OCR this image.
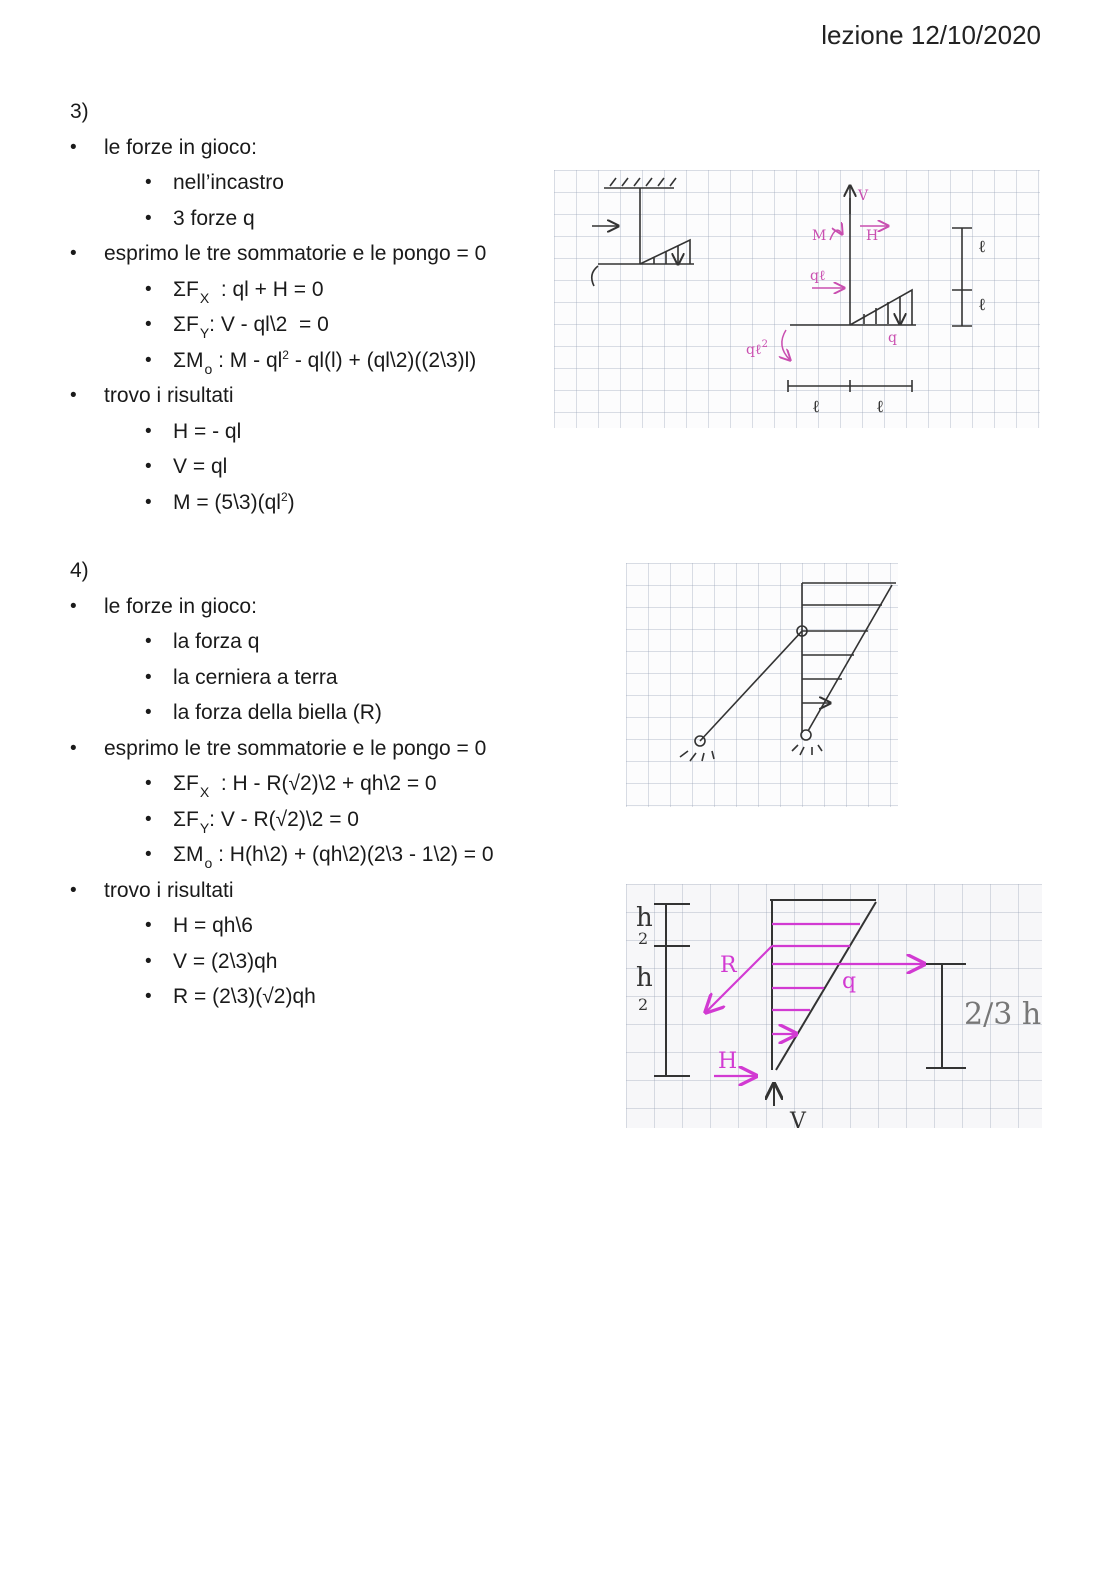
lezione 12/10/2020
3)
• le forze in gioco:
• nell’incastro
• 3 forze q
• esprimo le tre sommatorie e le pongo = 0
• $\Sigma F_X$  : ql + H = 0
• $\Sigma F_Y$: V - ql\2  = 0
• $\Sigma M_o$ : M - $ql^2 - ql(l)$ + (ql\2)((2\3)l)
• trovo i risultati
• H = - ql
• V = ql
• $M = (5\backslash 3)(ql^2)$
4)
• le forze in gioco:
• la forza q
• la cerniera a terra
• la forza della biella (R)
• esprimo le tre sommatorie e le pongo = 0
• $\Sigma F_X$  : H - R(√2)\2 + qh\2 = 0
• $\Sigma F_Y$: V - R(√2)\2 = 0
• $\Sigma M_o$ : H(h\2) + (qh\2)(2\3 - 1\2) = 0
• trovo i risultati
• H = qh\6
• V = (2\3)qh
• R = (2\3)(√2)qh
V
M	H
qℓ
q
qℓ$^2$
ℓ
ℓ
ℓ	ℓ
h
2
h
2	2/3 h
V
R
q
H
